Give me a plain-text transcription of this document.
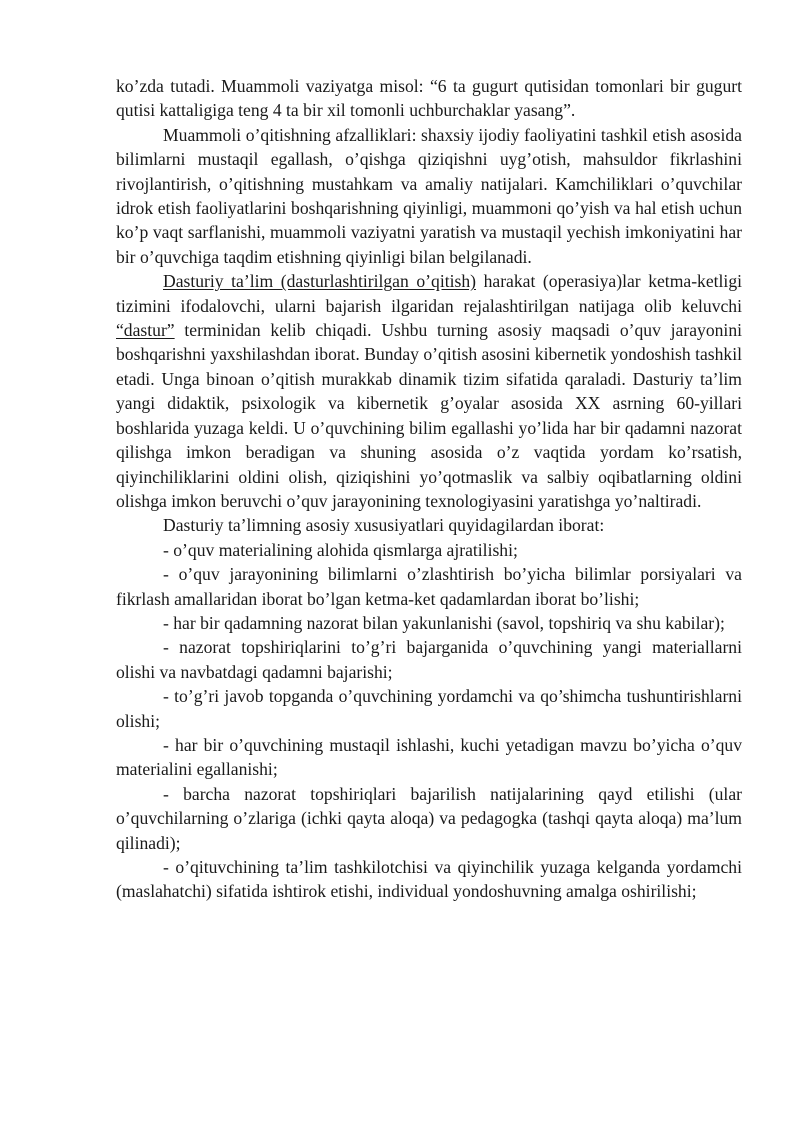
ko’zda tutadi. Muammoli vaziyatga misol: “6 ta gugurt qutisidan tomonlari bir gugurt qutisi kattaligiga teng 4 ta bir xil tomonli uchburchaklar yasang”.

Muammoli o’qitishning afzalliklari: shaxsiy ijodiy faoliyatini tashkil etish asosida bilimlarni mustaqil egallash, o’qishga qiziqishni uyg’otish, mahsuldor fikrlashini rivojlantirish, o’qitishning mustahkam va amaliy natijalari. Kamchiliklari o’quvchilar idrok etish faoliyatlarini boshqarishning qiyinligi, muammoni qo’yish va hal etish uchun ko’p vaqt sarflanishi, muammoli vaziyatni yaratish va mustaqil yechish imkoniyatini har bir o’quvchiga taqdim etishning qiyinligi bilan belgilanadi.

Dasturiy ta’lim (dasturlashtirilgan o’qitish) harakat (operasiya)lar ketma-ketligi tizimini ifodalovchi, ularni bajarish ilgaridan rejalashtirilgan natijaga olib keluvchi “dastur” terminidan kelib chiqadi. Ushbu turning asosiy maqsadi o’quv jarayonini boshqarishni yaxshilashdan iborat. Bunday o’qitish asosini kibernetik yondoshish tashkil etadi. Unga binoan o’qitish murakkab dinamik tizim sifatida qaraladi. Dasturiy ta’lim yangi didaktik, psixologik va kibernetik g’oyalar asosida XX asrning 60-yillari boshlarida yuzaga keldi. U o’quvchining bilim egallashi yo’lida har bir qadamni nazorat qilishga imkon beradigan va shuning asosida o’z vaqtida yordam ko’rsatish, qiyinchiliklarini oldini olish, qiziqishini yo’qotmaslik va salbiy oqibatlarning oldini olishga imkon beruvchi o’quv jarayonining texnologiyasini yaratishga yo’naltiradi.

Dasturiy ta’limning asosiy xususiyatlari quyidagilardan iborat:

- o’quv materialining alohida qismlarga ajratilishi;

- o’quv jarayonining bilimlarni o’zlashtirish bo’yicha bilimlar porsiyalari va fikrlash amallaridan iborat bo’lgan ketma-ket qadamlardan iborat bo’lishi;

- har bir qadamning nazorat bilan yakunlanishi (savol, topshiriq va shu kabilar);

- nazorat topshiriqlarini to’g’ri bajarganida o’quvchining yangi materiallarni olishi va navbatdagi qadamni bajarishi;

- to’g’ri javob topganda o’quvchining yordamchi va qo’shimcha tushuntirishlarni olishi;

- har bir o’quvchining mustaqil ishlashi, kuchi yetadigan mavzu bo’yicha o’quv materialini egallanishi;

- barcha nazorat topshiriqlari bajarilish natijalarining qayd etilishi (ular o’quvchilarning o’zlariga (ichki qayta aloqa) va pedagogka (tashqi qayta aloqa) ma’lum qilinadi);

- o’qituvchining ta’lim tashkilotchisi va qiyinchilik yuzaga kelganda yordamchi (maslahatchi) sifatida ishtirok etishi, individual yondoshuvning amalga oshirilishi;
